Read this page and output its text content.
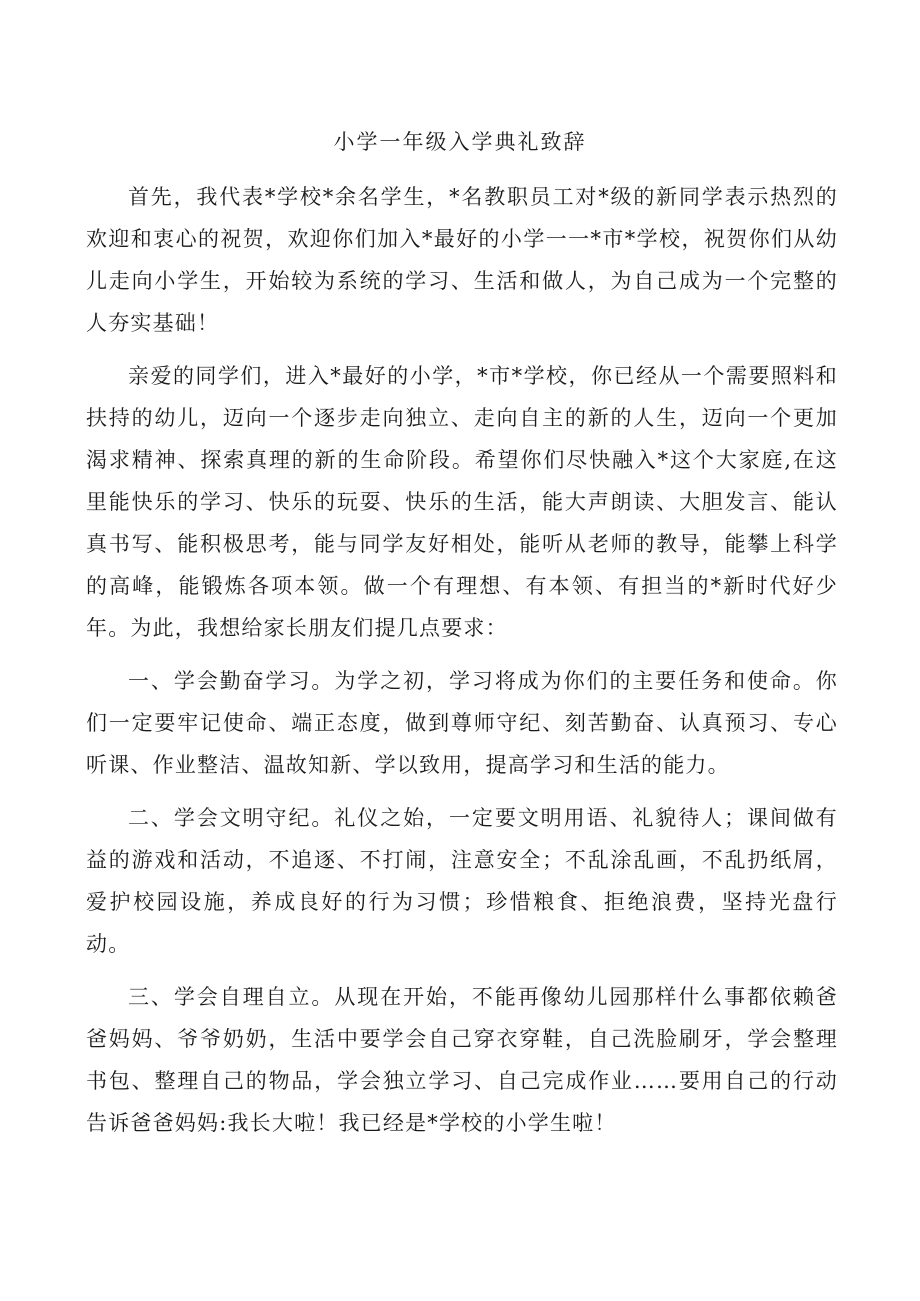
小学一年级入学典礼致辞

首先，我代表*学校*余名学生，*名教职员工对*级的新同学表示热烈的欢迎和衷心的祝贺，欢迎你们加入*最好的小学一一*市*学校，祝贺你们从幼儿走向小学生，开始较为系统的学习、生活和做人，为自己成为一个完整的人夯实基础！

亲爱的同学们，进入*最好的小学，*市*学校，你已经从一个需要照料和扶持的幼儿，迈向一个逐步走向独立、走向自主的新的人生，迈向一个更加渴求精神、探索真理的新的生命阶段。希望你们尽快融入*这个大家庭,在这里能快乐的学习、快乐的玩耍、快乐的生活，能大声朗读、大胆发言、能认真书写、能积极思考，能与同学友好相处，能听从老师的教导，能攀上科学的高峰，能锻炼各项本领。做一个有理想、有本领、有担当的*新时代好少年。为此，我想给家长朋友们提几点要求：

一、学会勤奋学习。为学之初，学习将成为你们的主要任务和使命。你们一定要牢记使命、端正态度，做到尊师守纪、刻苦勤奋、认真预习、专心听课、作业整洁、温故知新、学以致用，提高学习和生活的能力。

二、学会文明守纪。礼仪之始，一定要文明用语、礼貌待人；课间做有益的游戏和活动，不追逐、不打闹，注意安全；不乱涂乱画，不乱扔纸屑，爱护校园设施，养成良好的行为习惯；珍惜粮食、拒绝浪费，坚持光盘行动。

三、学会自理自立。从现在开始，不能再像幼儿园那样什么事都依赖爸爸妈妈、爷爷奶奶，生活中要学会自己穿衣穿鞋，自己洗脸刷牙，学会整理书包、整理自己的物品，学会独立学习、自己完成作业……要用自己的行动告诉爸爸妈妈:我长大啦！我已经是*学校的小学生啦！
